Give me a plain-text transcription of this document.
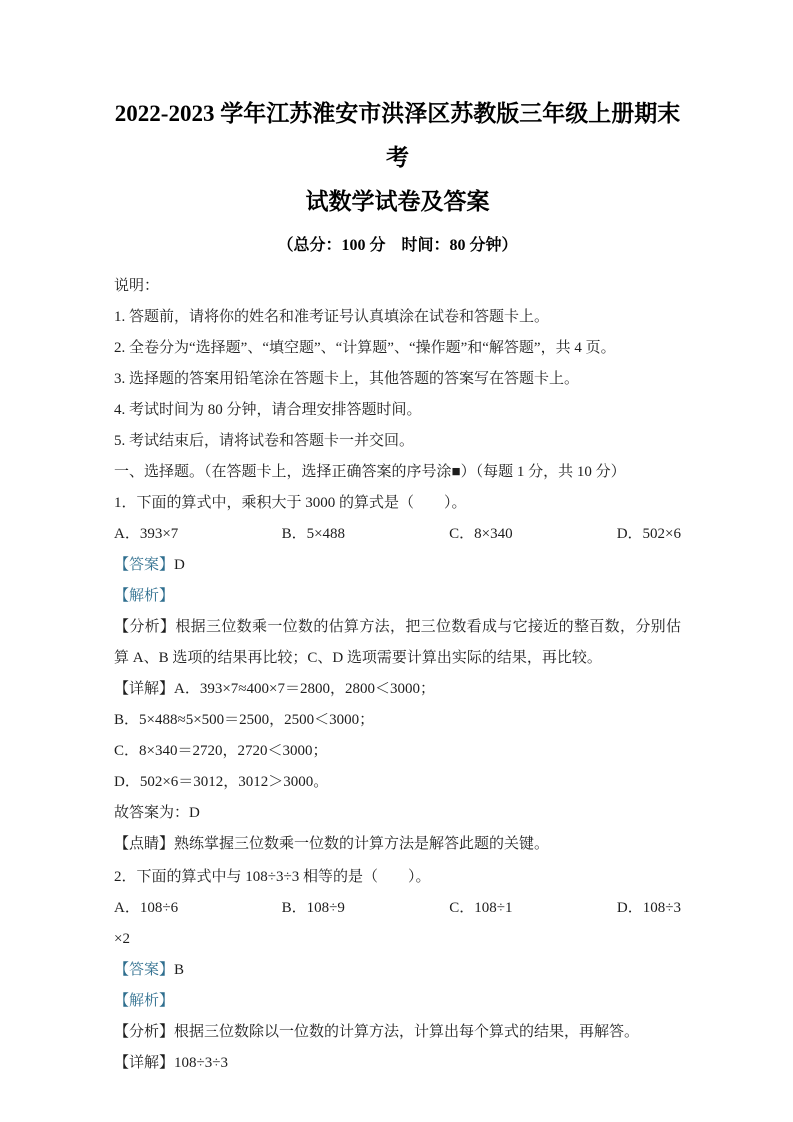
2022-2023 学年江苏淮安市洪泽区苏教版三年级上册期末考

试数学试卷及答案

（总分：100 分　时间：80 分钟）

说明：

1. 答题前，请将你的姓名和准考证号认真填涂在试卷和答题卡上。

2. 全卷分为“选择题”、“填空题”、“计算题”、“操作题”和“解答题”，共 4 页。

3. 选择题的答案用铅笔涂在答题卡上，其他答题的答案写在答题卡上。

4. 考试时间为 80 分钟，请合理安排答题时间。

5. 考试结束后，请将试卷和答题卡一并交回。

一、选择题。（在答题卡上，选择正确答案的序号涂■）（每题 1 分，共 10 分）

1．下面的算式中，乘积大于 3000 的算式是（　　）。

A．393×7	B．5×488	C．8×340	D．502×6

【答案】D

【解析】

【分析】根据三位数乘一位数的估算方法，把三位数看成与它接近的整百数，分别估算 A、B 选项的结果再比较；C、D 选项需要计算出实际的结果，再比较。

【详解】A．393×7≈400×7＝2800，2800＜3000；

B．5×488≈5×500＝2500，2500＜3000；

C．8×340＝2720，2720＜3000；

D．502×6＝3012，3012＞3000。

故答案为：D

【点睛】熟练掌握三位数乘一位数的计算方法是解答此题的关键。

2．下面的算式中与 108÷3÷3 相等的是（　　）。

A．108÷6	B．108÷9	C．108÷1	D．108÷3

×2

【答案】B

【解析】

【分析】根据三位数除以一位数的计算方法，计算出每个算式的结果，再解答。

【详解】108÷3÷3
